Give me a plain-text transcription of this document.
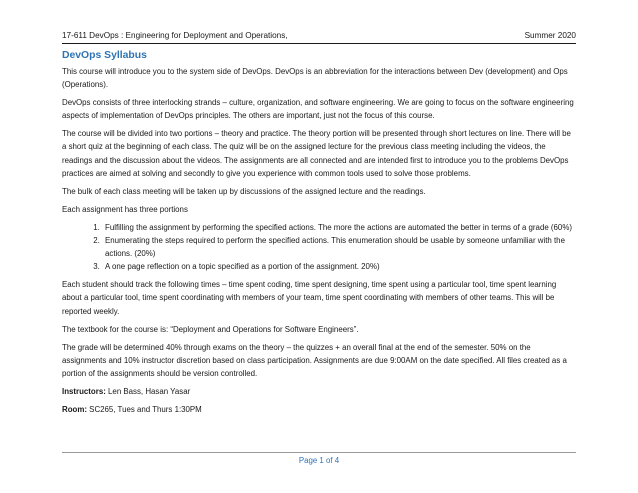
17-611 DevOps : Engineering for Deployment and Operations,	Summer 2020
DevOps Syllabus

This course will introduce you to the system side of DevOps. DevOps is an abbreviation for the interactions between Dev (development) and Ops (Operations).

DevOps consists of three interlocking strands – culture, organization, and software engineering. We are going to focus on the software engineering aspects of implementation of DevOps principles. The others are important, just not the focus of this course.

The course will be divided into two portions – theory and practice. The theory portion will be presented through short lectures on line. There will be a short quiz at the beginning of each class. The quiz will be on the assigned lecture for the previous class meeting including the videos, the readings and the discussion about the videos. The assignments are all connected and are intended first to introduce you to the problems DevOps practices are aimed at solving and secondly to give you experience with common tools used to solve those problems.

The bulk of each class meeting will be taken up by discussions of the assigned lecture and the readings.

Each assignment has three portions

1. Fulfilling the assignment by performing the specified actions. The more the actions are automated the better in terms of a grade (60%)
2. Enumerating the steps required to perform the specified actions. This enumeration should be usable by someone unfamiliar with the actions. (20%)
3. A one page reflection on a topic specified as a portion of the assignment. 20%)

Each student should track the following times – time spent coding, time spent designing, time spent using a particular tool, time spent learning about a particular tool, time spent coordinating with members of your team, time spent coordinating with members of other teams. This will be reported weekly.

The textbook for the course is: “Deployment and Operations for Software Engineers”.

The grade will be determined 40% through exams on the theory – the quizzes + an overall final at the end of the semester. 50% on the assignments and 10% instructor discretion based on class participation. Assignments are due 9:00AM on the date specified. All files created as a portion of the assignments should be version controlled.

Instructors: Len Bass, Hasan Yasar

Room: SC265, Tues and Thurs 1:30PM

Page 1 of 4
